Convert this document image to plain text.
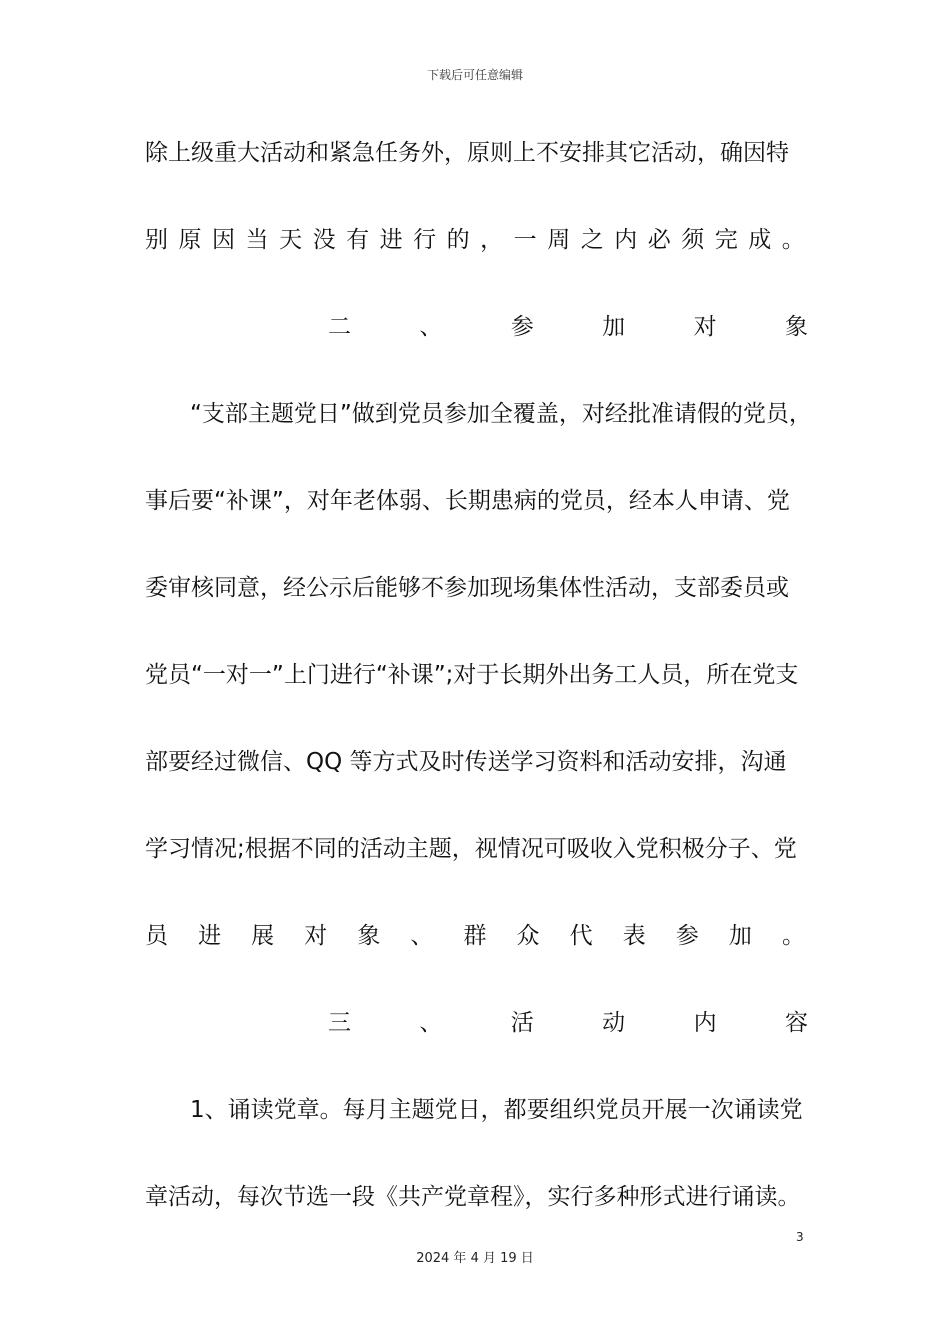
下载后可任意编辑
除上级重大活动和紧急任务外，原则上不安排其它活动，确因特
别 原 因 当 天 没 有 进 行 的 ， 一 周 之 内 必 须 完 成 。
二	、	参	加	对	象
“支部主题党日”做到党员参加全覆盖，对经批准请假的党员，
事后要“补课”，对年老体弱、长期患病的党员，经本人申请、党
委审核同意，经公示后能够不参加现场集体性活动，支部委员或
党员“一对一”上门进行“补课”;对于长期外出务工人员，所在党支
部要经过微信、QQ 等方式及时传送学习资料和活动安排，沟通
学习情况;根据不同的活动主题，视情况可吸收入党积极分子、党
员 进 展 对 象 、 群 众 代 表 参 加 。
三	、	活	动	内	容
1、诵读党章。每月主题党日，都要组织党员开展一次诵读党
章活动，每次节选一段《共产党章程》，实行多种形式进行诵读。
3
2024 年 4 月 19 日
